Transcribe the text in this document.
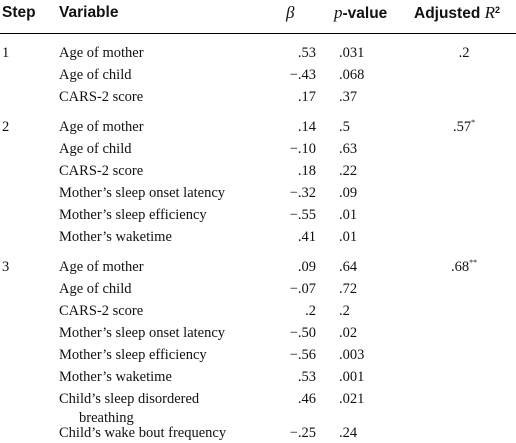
Step Variable	β p-value Adjusted $R^2$
1	Age of mother	.53 .031	.2
Age of child	−.43 .068
CARS-2 score	.17 .37
2	Age of mother	.14 .5	.57*
Age of child	−.10 .63
CARS-2 score	.18 .22
Mother’s sleep onset latency	−.32 .09
Mother’s sleep efficiency	−.55 .01
Mother’s waketime	.41 .01
3	Age of mother	.09 .64	.68**
Age of child	−.07 .72
CARS-2 score	.2 .2
Mother’s sleep onset latency	−.50 .02
Mother’s sleep efficiency	−.56 .003
Mother’s waketime	.53 .001
Child’s sleep disordered	.46 .021
breathing
Child’s wake bout frequency	−.25 .24
